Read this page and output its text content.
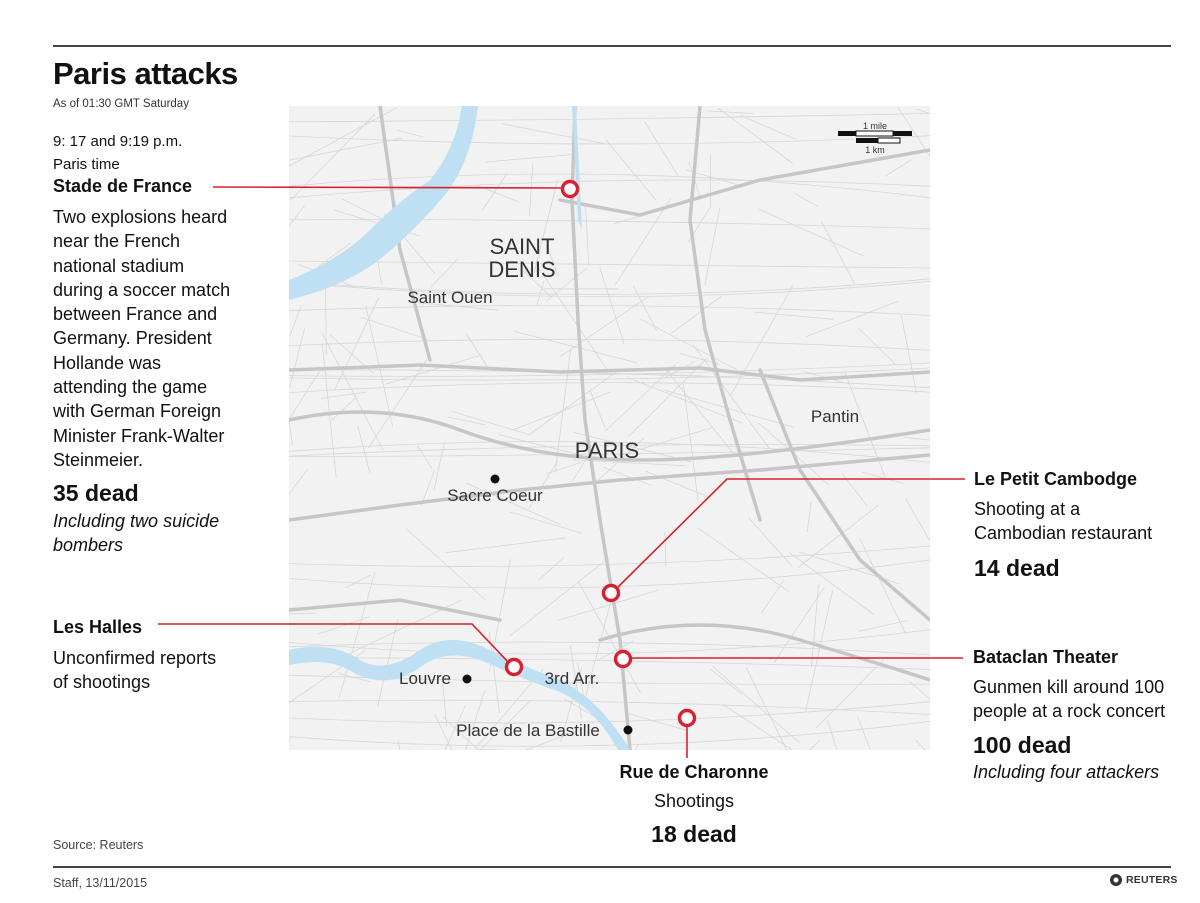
Paris attacks
As of 01:30 GMT Saturday
1 mile
1 km
SAINT
DENIS
Saint Ouen
Pantin
PARIS
Sacre Coeur
Louvre	3rd Arr.
Place de la Bastille
9: 17 and 9:19 p.m.
Paris time
Stade de France
Two explosions heard
near the French
national stadium
during a soccer match
between France and
Germany. President
Hollande was
attending the game
with German Foreign
Minister Frank-Walter
Steinmeier.
35 dead
Including two suicide
bombers
Les Halles
Unconfirmed reports
of shootings
Le Petit Cambodge
Shooting at a
Cambodian restaurant
14 dead
Bataclan Theater
Gunmen kill around 100
people at a rock concert
100 dead
Including four attackers
Rue de Charonne
Shootings
18 dead
Source: Reuters
Staff, 13/11/2015	REUTERS
